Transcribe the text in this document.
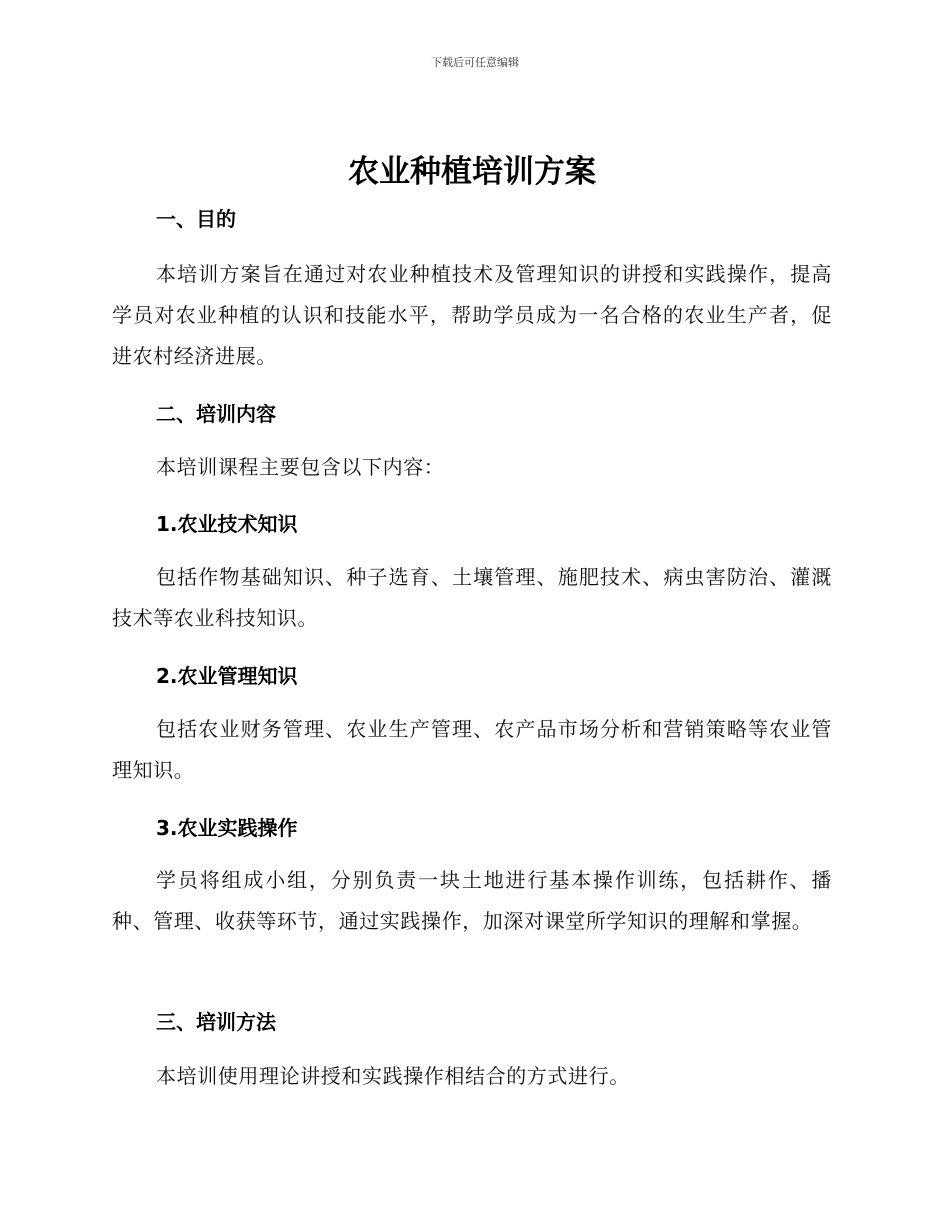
下载后可任意编辑
农业种植培训方案
一、目的

本培训方案旨在通过对农业种植技术及管理知识的讲授和实践操作，提高学员对农业种植的认识和技能水平，帮助学员成为一名合格的农业生产者，促进农村经济进展。

二、培训内容

本培训课程主要包含以下内容：

1.农业技术知识

包括作物基础知识、种子选育、土壤管理、施肥技术、病虫害防治、灌溉技术等农业科技知识。

2.农业管理知识

包括农业财务管理、农业生产管理、农产品市场分析和营销策略等农业管理知识。

3.农业实践操作

学员将组成小组，分别负责一块土地进行基本操作训练，包括耕作、播种、管理、收获等环节，通过实践操作，加深对课堂所学知识的理解和掌握。

三、培训方法

本培训使用理论讲授和实践操作相结合的方式进行。
